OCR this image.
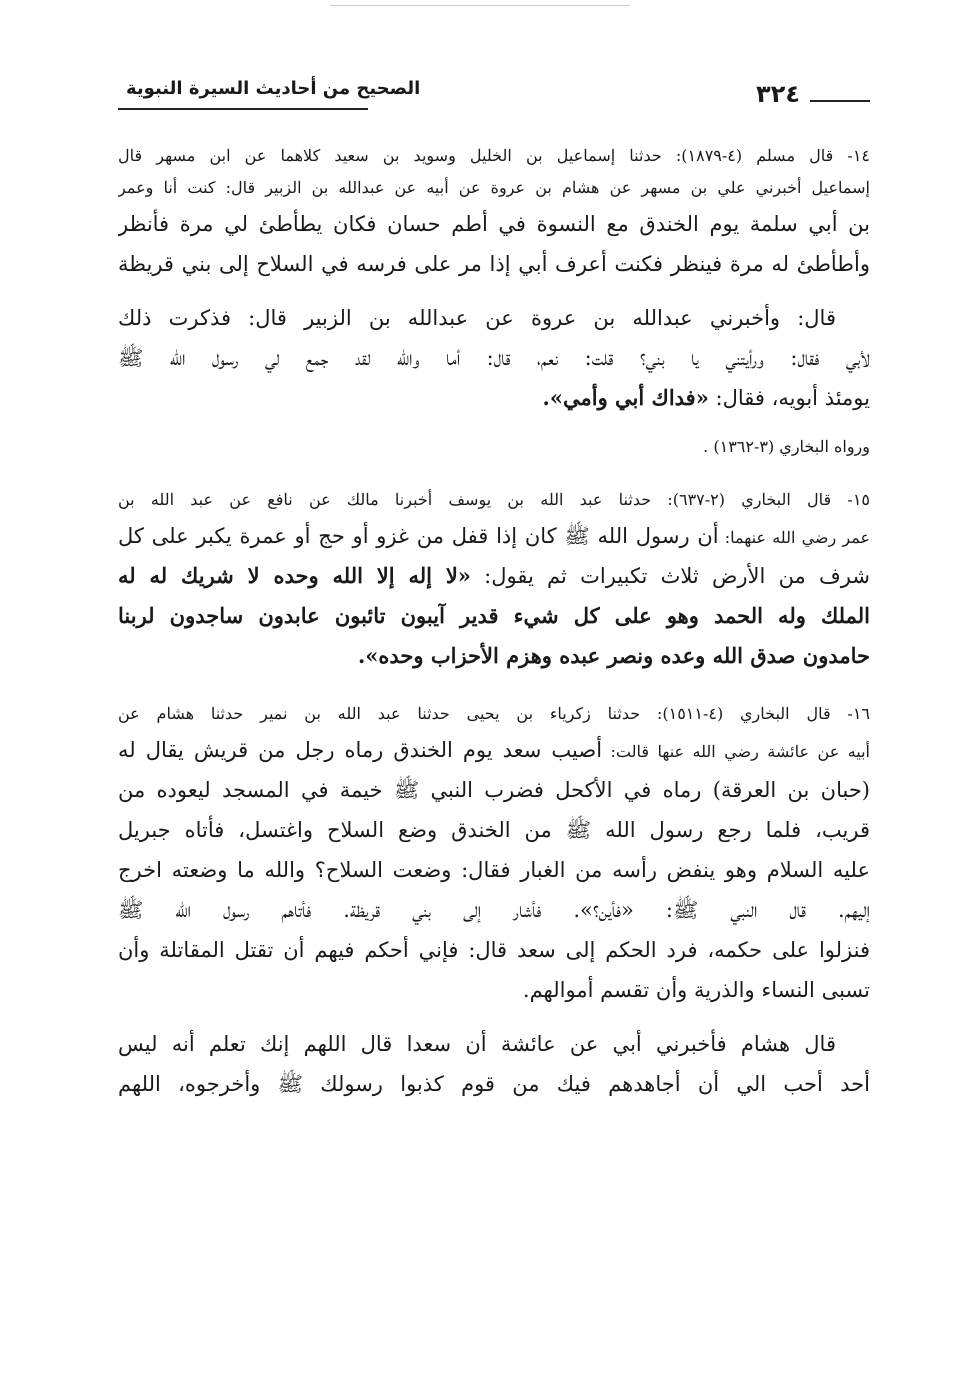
٣٢٤
الصحيح من أحاديث السيرة النبوية
١٤- قال مسلم (٤-١٨٧٩): حدثنا إسماعيل بن الخليل وسويد بن سعيد كلاهما عن ابن مسهر قال
إسماعيل أخبرني علي بن مسهر عن هشام بن عروة عن أبيه عن عبدالله بن الزبير قال: كنت أنا وعمر
بن أبي سلمة يوم الخندق مع النسوة في أطم حسان فكان يطأطئ لي مرة فأنظر
وأطأطئ له مرة فينظر فكنت أعرف أبي إذا مر على فرسه في السلاح إلى بني قريظة
قال: وأخبرني عبدالله بن عروة عن عبدالله بن الزبير قال: فذكرت ذلك
لأبي فقال: ورأيتني يا بني؟ قلت: نعم، قال: أما والله لقد جمع لي رسول الله ﷺ
يومئذ أبويه، فقال: «فداك أبي وأمي».
ورواه البخاري (٣-١٣٦٢) .
١٥- قال البخاري (٢-٦٣٧): حدثنا عبد الله بن يوسف أخبرنا مالك عن نافع عن عبد الله بن
عمر رضي الله عنهما: أن رسول الله ﷺ كان إذا قفل من غزو أو حج أو عمرة يكبر على كل
شرف من الأرض ثلاث تكبيرات ثم يقول: «لا إله إلا الله وحده لا شريك له له
الملك وله الحمد وهو على كل شيء قدير آيبون تائبون عابدون ساجدون لربنا
حامدون صدق الله وعده ونصر عبده وهزم الأحزاب وحده».
١٦- قال البخاري (٤-١٥١١): حدثنا زكرياء بن يحيى حدثنا عبد الله بن نمير حدثنا هشام عن
أبيه عن عائشة رضي الله عنها قالت: أصيب سعد يوم الخندق رماه رجل من قريش يقال له
(حبان بن العرقة) رماه في الأكحل فضرب النبي ﷺ خيمة في المسجد ليعوده من
قريب، فلما رجع رسول الله ﷺ من الخندق وضع السلاح واغتسل، فأتاه جبريل
عليه السلام وهو ينفض رأسه من الغبار فقال: وضعت السلاح؟ والله ما وضعته اخرج
إليهم. قال النبي ﷺ: «فأين؟». فأشار إلى بني قريظة. فأتاهم رسول الله ﷺ
فنزلوا على حكمه، فرد الحكم إلى سعد قال: فإني أحكم فيهم أن تقتل المقاتلة وأن
تسبى النساء والذرية وأن تقسم أموالهم.
قال هشام فأخبرني أبي عن عائشة أن سعدا قال اللهم إنك تعلم أنه ليس
أحد أحب الي أن أجاهدهم فيك من قوم كذبوا رسولك ﷺ وأخرجوه، اللهم
